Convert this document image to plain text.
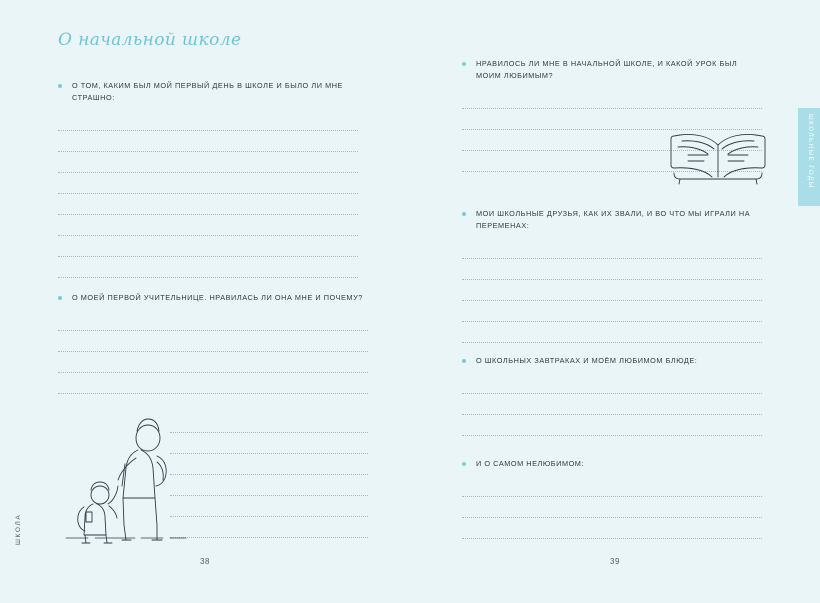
О начальной школе
ШКОЛА
О ТОМ, КАКИМ БЫЛ МОЙ ПЕРВЫЙ ДЕНЬ В ШКОЛЕ И БЫЛО ЛИ МНЕ СТРАШНО:
О МОЕЙ ПЕРВОЙ УЧИТЕЛЬНИЦЕ. НРАВИЛАСЬ ЛИ ОНА МНЕ И ПОЧЕМУ?
38
ШКОЛЬНЫЕ ГОДЫ
НРАВИЛОСЬ ЛИ МНЕ В НАЧАЛЬНОЙ ШКОЛЕ, И КАКОЙ УРОК БЫЛ МОИМ ЛЮБИМЫМ?
МОИ ШКОЛЬНЫЕ ДРУЗЬЯ, КАК ИХ ЗВАЛИ, И ВО ЧТО МЫ ИГРАЛИ НА ПЕРЕМЕНАХ:
О ШКОЛЬНЫХ ЗАВТРАКАХ И МОЁМ ЛЮБИМОМ БЛЮДЕ:
И О САМОМ НЕЛЮБИМОМ:
39
